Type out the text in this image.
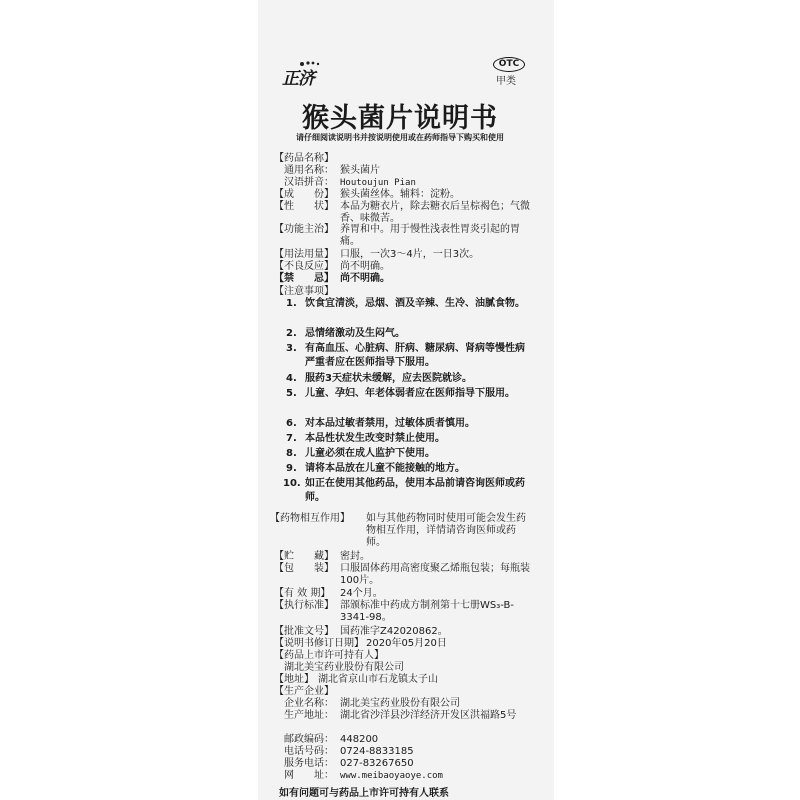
正济
OTC
甲类
猴头菌片说明书
请仔细阅读说明书并按说明使用或在药师指导下购买和使用
【药品名称】
通用名称： 猴头菌片
汉语拼音： Houtoujun Pian
【成　　份】 猴头菌丝体。辅料：淀粉。
【性　　状】 本品为糖衣片，除去糖衣后呈棕褐色；气微香、味微苦。
【功能主治】 养胃和中。用于慢性浅表性胃炎引起的胃痛。
【用法用量】 口服，一次3～4片，一日3次。
【不良反应】 尚不明确。
【禁　　忌】 尚不明确。
【注意事项】
1. 饮食宜清淡，忌烟、酒及辛辣、生冷、油腻食物。
2. 忌情绪激动及生闷气。
3. 有高血压、心脏病、肝病、糖尿病、肾病等慢性病严重者应在医师指导下服用。
4. 服药3天症状未缓解，应去医院就诊。
5. 儿童、孕妇、年老体弱者应在医师指导下服用。
6. 对本品过敏者禁用，过敏体质者慎用。
7. 本品性状发生改变时禁止使用。
8. 儿童必须在成人监护下使用。
9. 请将本品放在儿童不能接触的地方。
10. 如正在使用其他药品，使用本品前请咨询医师或药师。
【药物相互作用】 如与其他药物同时使用可能会发生药物相互作用，详情请咨询医师或药师。
【贮　　藏】 密封。
【包　　装】 口服固体药用高密度聚乙烯瓶包装；每瓶装100片。
【有 效 期】 24个月。
【执行标准】 部颁标准中药成方制剂第十七册WS₃-B-3341-98。
【批准文号】 国药准字Z42020862。
【说明书修订日期】 2020年05月20日
【药品上市许可持有人】
湖北美宝药业股份有限公司
【地址】 湖北省京山市石龙镇太子山
【生产企业】
企业名称： 湖北美宝药业股份有限公司
生产地址： 湖北省沙洋县沙洋经济开发区洪福路5号
邮政编码： 448200
电话号码： 0724-8833185
服务电话： 027-83267650
网　　址： www.meibaoyaoye.com
如有问题可与药品上市许可持有人联系
